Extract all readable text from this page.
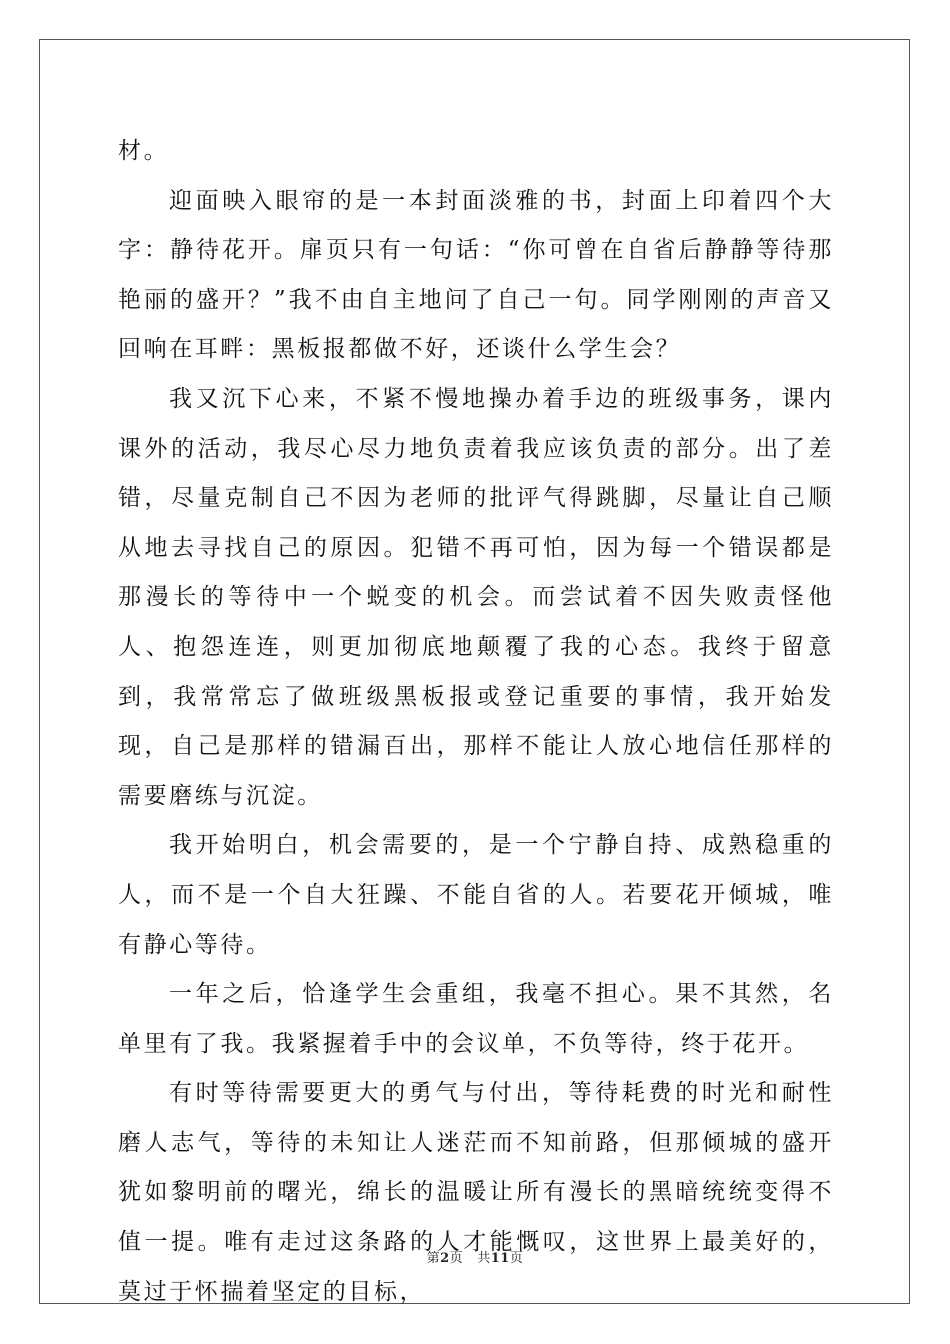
材。

迎面映入眼帘的是一本封面淡雅的书，封面上印着四个大字：静待花开。扉页只有一句话：“你可曾在自省后静静等待那艳丽的盛开？”我不由自主地问了自己一句。同学刚刚的声音又回响在耳畔：黑板报都做不好，还谈什么学生会？

我又沉下心来，不紧不慢地操办着手边的班级事务，课内课外的活动，我尽心尽力地负责着我应该负责的部分。出了差错，尽量克制自己不因为老师的批评气得跳脚，尽量让自己顺从地去寻找自己的原因。犯错不再可怕，因为每一个错误都是那漫长的等待中一个蜕变的机会。而尝试着不因失败责怪他人、抱怨连连，则更加彻底地颠覆了我的心态。我终于留意到，我常常忘了做班级黑板报或登记重要的事情，我开始发现，自己是那样的错漏百出，那样不能让人放心地信任那样的需要磨练与沉淀。

我开始明白，机会需要的，是一个宁静自持、成熟稳重的人，而不是一个自大狂躁、不能自省的人。若要花开倾城，唯有静心等待。

一年之后，恰逢学生会重组，我毫不担心。果不其然，名单里有了我。我紧握着手中的会议单，不负等待，终于花开。

有时等待需要更大的勇气与付出，等待耗费的时光和耐性磨人志气，等待的未知让人迷茫而不知前路，但那倾城的盛开犹如黎明前的曙光，绵长的温暖让所有漫长的黑暗统统变得不值一提。唯有走过这条路的人才能慨叹，这世界上最美好的，莫过于怀揣着坚定的目标，

第2页 共11页
